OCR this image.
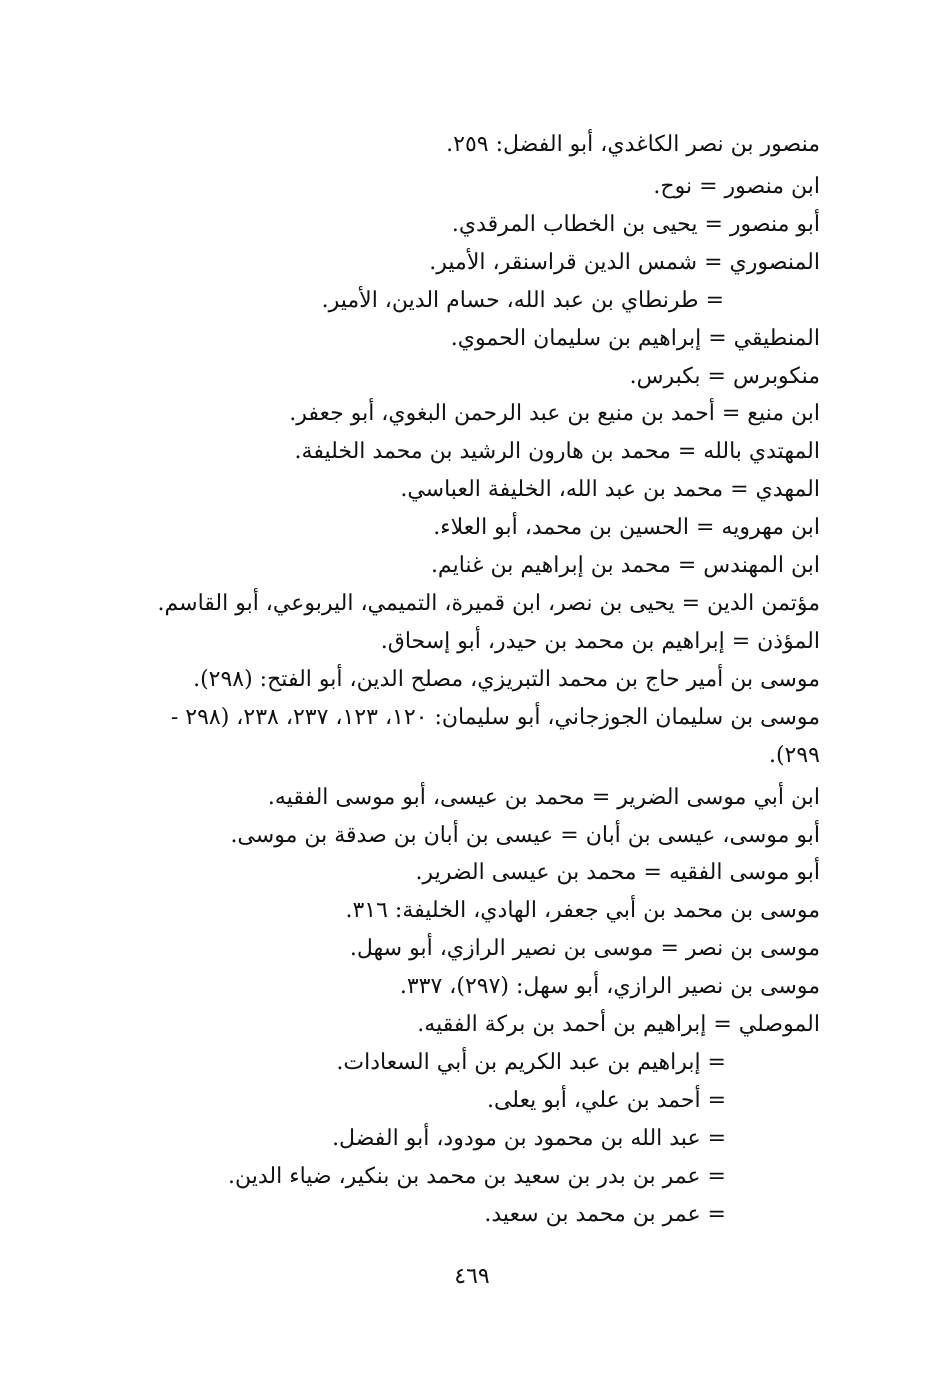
منصور بن نصر الكاغدي، أبو الفضل: ٢٥٩.
ابن منصور = نوح.
أبو منصور = يحيى بن الخطاب المرقدي.
المنصوري = شمس الدين قراسنقر، الأمير.
= طرنطاي بن عبد الله، حسام الدين، الأمير.
المنطيقي = إبراهيم بن سليمان الحموي.
منكوبرس = بكبرس.
ابن منيع = أحمد بن منيع بن عبد الرحمن البغوي، أبو جعفر.
المهتدي بالله = محمد بن هارون الرشيد بن محمد الخليفة.
المهدي = محمد بن عبد الله، الخليفة العباسي.
ابن مهرويه = الحسين بن محمد، أبو العلاء.
ابن المهندس = محمد بن إبراهيم بن غنايم.
مؤتمن الدين = يحيى بن نصر، ابن قميرة، التميمي، اليربوعي، أبو القاسم.
المؤذن = إبراهيم بن محمد بن حيدر، أبو إسحاق.
موسى بن أمير حاج بن محمد التبريزي، مصلح الدين، أبو الفتح: (٢٩٨).
موسى بن سليمان الجوزجاني، أبو سليمان: ١٢٠، ١٢٣، ٢٣٧، ٢٣٨، (٢٩٨ -
٢٩٩).
ابن أبي موسى الضرير = محمد بن عيسى، أبو موسى الفقيه.
أبو موسى، عيسى بن أبان = عيسى بن أبان بن صدقة بن موسى.
أبو موسى الفقيه = محمد بن عيسى الضرير.
موسى بن محمد بن أبي جعفر، الهادي، الخليفة: ٣١٦.
موسى بن نصر = موسى بن نصير الرازي، أبو سهل.
موسى بن نصير الرازي، أبو سهل: (٢٩٧)، ٣٣٧.
الموصلي = إبراهيم بن أحمد بن بركة الفقيه.
= إبراهيم بن عبد الكريم بن أبي السعادات.
= أحمد بن علي، أبو يعلى.
= عبد الله بن محمود بن مودود، أبو الفضل.
= عمر بن بدر بن سعيد بن محمد بن بنكير، ضياء الدين.
= عمر بن محمد بن سعيد.
٤٦٩
